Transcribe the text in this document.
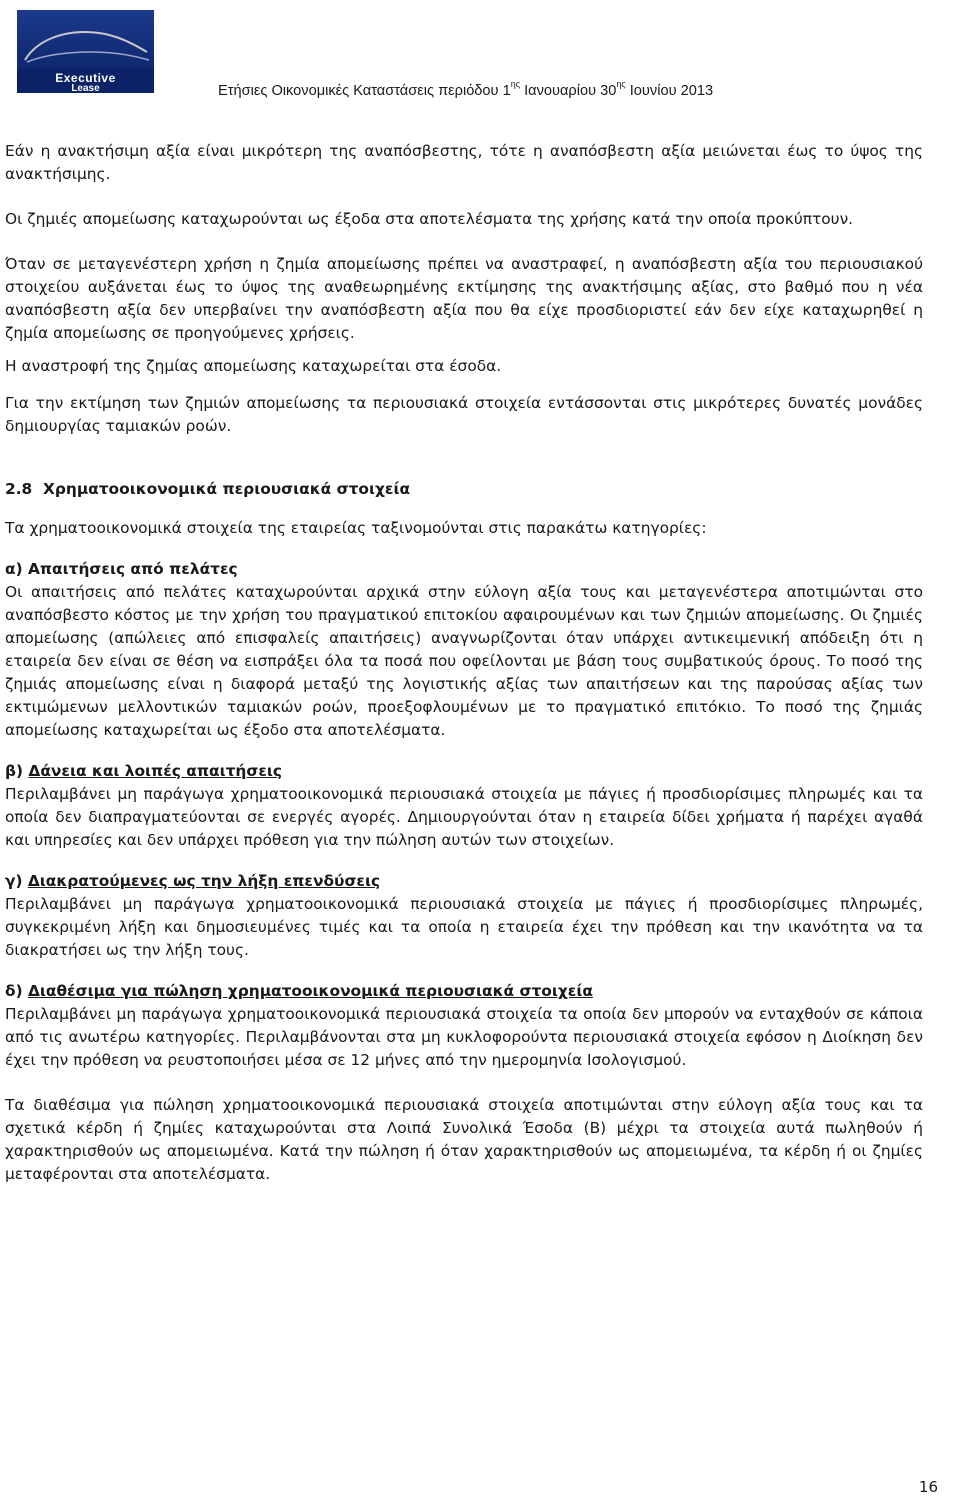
Executive
Lease	Ετήσιες Οικονομικές Καταστάσεις περιόδου $1^{\eta\varsigma}$ Ιανουαρίου $30^{\eta\varsigma}$ Ιουνίου 2013

Εάν η ανακτήσιμη αξία είναι μικρότερη της αναπόσβεστης, τότε η αναπόσβεστη αξία μειώνεται έως το ύψος της ανακτήσιμης.

Οι ζημιές απομείωσης καταχωρούνται ως έξοδα στα αποτελέσματα της χρήσης κατά την οποία προκύπτουν.

Όταν σε μεταγενέστερη χρήση η ζημία απομείωσης πρέπει να αναστραφεί, η αναπόσβεστη αξία του περιουσιακού στοιχείου αυξάνεται έως το ύψος της αναθεωρημένης εκτίμησης της ανακτήσιμης αξίας, στο βαθμό που η νέα αναπόσβεστη αξία δεν υπερβαίνει την αναπόσβεστη αξία που θα είχε προσδιοριστεί εάν δεν είχε καταχωρηθεί η ζημία απομείωσης σε προηγούμενες χρήσεις.

Η αναστροφή της ζημίας απομείωσης καταχωρείται στα έσοδα.

Για την εκτίμηση των ζημιών απομείωσης τα περιουσιακά στοιχεία εντάσσονται στις μικρότερες δυνατές μονάδες δημιουργίας ταμιακών ροών.

2.8 Χρηματοοικονομικά περιουσιακά στοιχεία

Τα χρηματοοικονομικά στοιχεία της εταιρείας ταξινομούνται στις παρακάτω κατηγορίες:

α) Απαιτήσεις από πελάτες

Οι απαιτήσεις από πελάτες καταχωρούνται αρχικά στην εύλογη αξία τους και μεταγενέστερα αποτιμώνται στο αναπόσβεστο κόστος με την χρήση του πραγματικού επιτοκίου αφαιρουμένων και των ζημιών απομείωσης. Οι ζημιές απομείωσης (απώλειες από επισφαλείς απαιτήσεις) αναγνωρίζονται όταν υπάρχει αντικειμενική απόδειξη ότι η εταιρεία δεν είναι σε θέση να εισπράξει όλα τα ποσά που οφείλονται με βάση τους συμβατικούς όρους. Το ποσό της ζημιάς απομείωσης είναι η διαφορά μεταξύ της λογιστικής αξίας των απαιτήσεων και της παρούσας αξίας των εκτιμώμενων μελλοντικών ταμιακών ροών, προεξοφλουμένων με το πραγματικό επιτόκιο. Το ποσό της ζημιάς απομείωσης καταχωρείται ως έξοδο στα αποτελέσματα.

β) Δάνεια και λοιπές απαιτήσεις

Περιλαμβάνει μη παράγωγα χρηματοοικονομικά περιουσιακά στοιχεία με πάγιες ή προσδιορίσιμες πληρωμές και τα οποία δεν διαπραγματεύονται σε ενεργές αγορές. Δημιουργούνται όταν η εταιρεία δίδει χρήματα ή παρέχει αγαθά και υπηρεσίες και δεν υπάρχει πρόθεση για την πώληση αυτών των στοιχείων.

γ) Διακρατούμενες ως την λήξη επενδύσεις

Περιλαμβάνει μη παράγωγα χρηματοοικονομικά περιουσιακά στοιχεία με πάγιες ή προσδιορίσιμες πληρωμές, συγκεκριμένη λήξη και δημοσιευμένες τιμές και τα οποία η εταιρεία έχει την πρόθεση και την ικανότητα να τα διακρατήσει ως την λήξη τους.

δ) Διαθέσιμα για πώληση χρηματοοικονομικά περιουσιακά στοιχεία

Περιλαμβάνει μη παράγωγα χρηματοοικονομικά περιουσιακά στοιχεία τα οποία δεν μπορούν να ενταχθούν σε κάποια από τις ανωτέρω κατηγορίες. Περιλαμβάνονται στα μη κυκλοφορούντα περιουσιακά στοιχεία εφόσον η Διοίκηση δεν έχει την πρόθεση να ρευστοποιήσει μέσα σε 12 μήνες από την ημερομηνία Ισολογισμού.

Τα διαθέσιμα για πώληση χρηματοοικονομικά περιουσιακά στοιχεία αποτιμώνται στην εύλογη αξία τους και τα σχετικά κέρδη ή ζημίες καταχωρούνται στα Λοιπά Συνολικά Έσοδα (Β) μέχρι τα στοιχεία αυτά πωληθούν ή χαρακτηρισθούν ως απομειωμένα. Κατά την πώληση ή όταν χαρακτηρισθούν ως απομειωμένα, τα κέρδη ή οι ζημίες μεταφέρονται στα αποτελέσματα.

16
